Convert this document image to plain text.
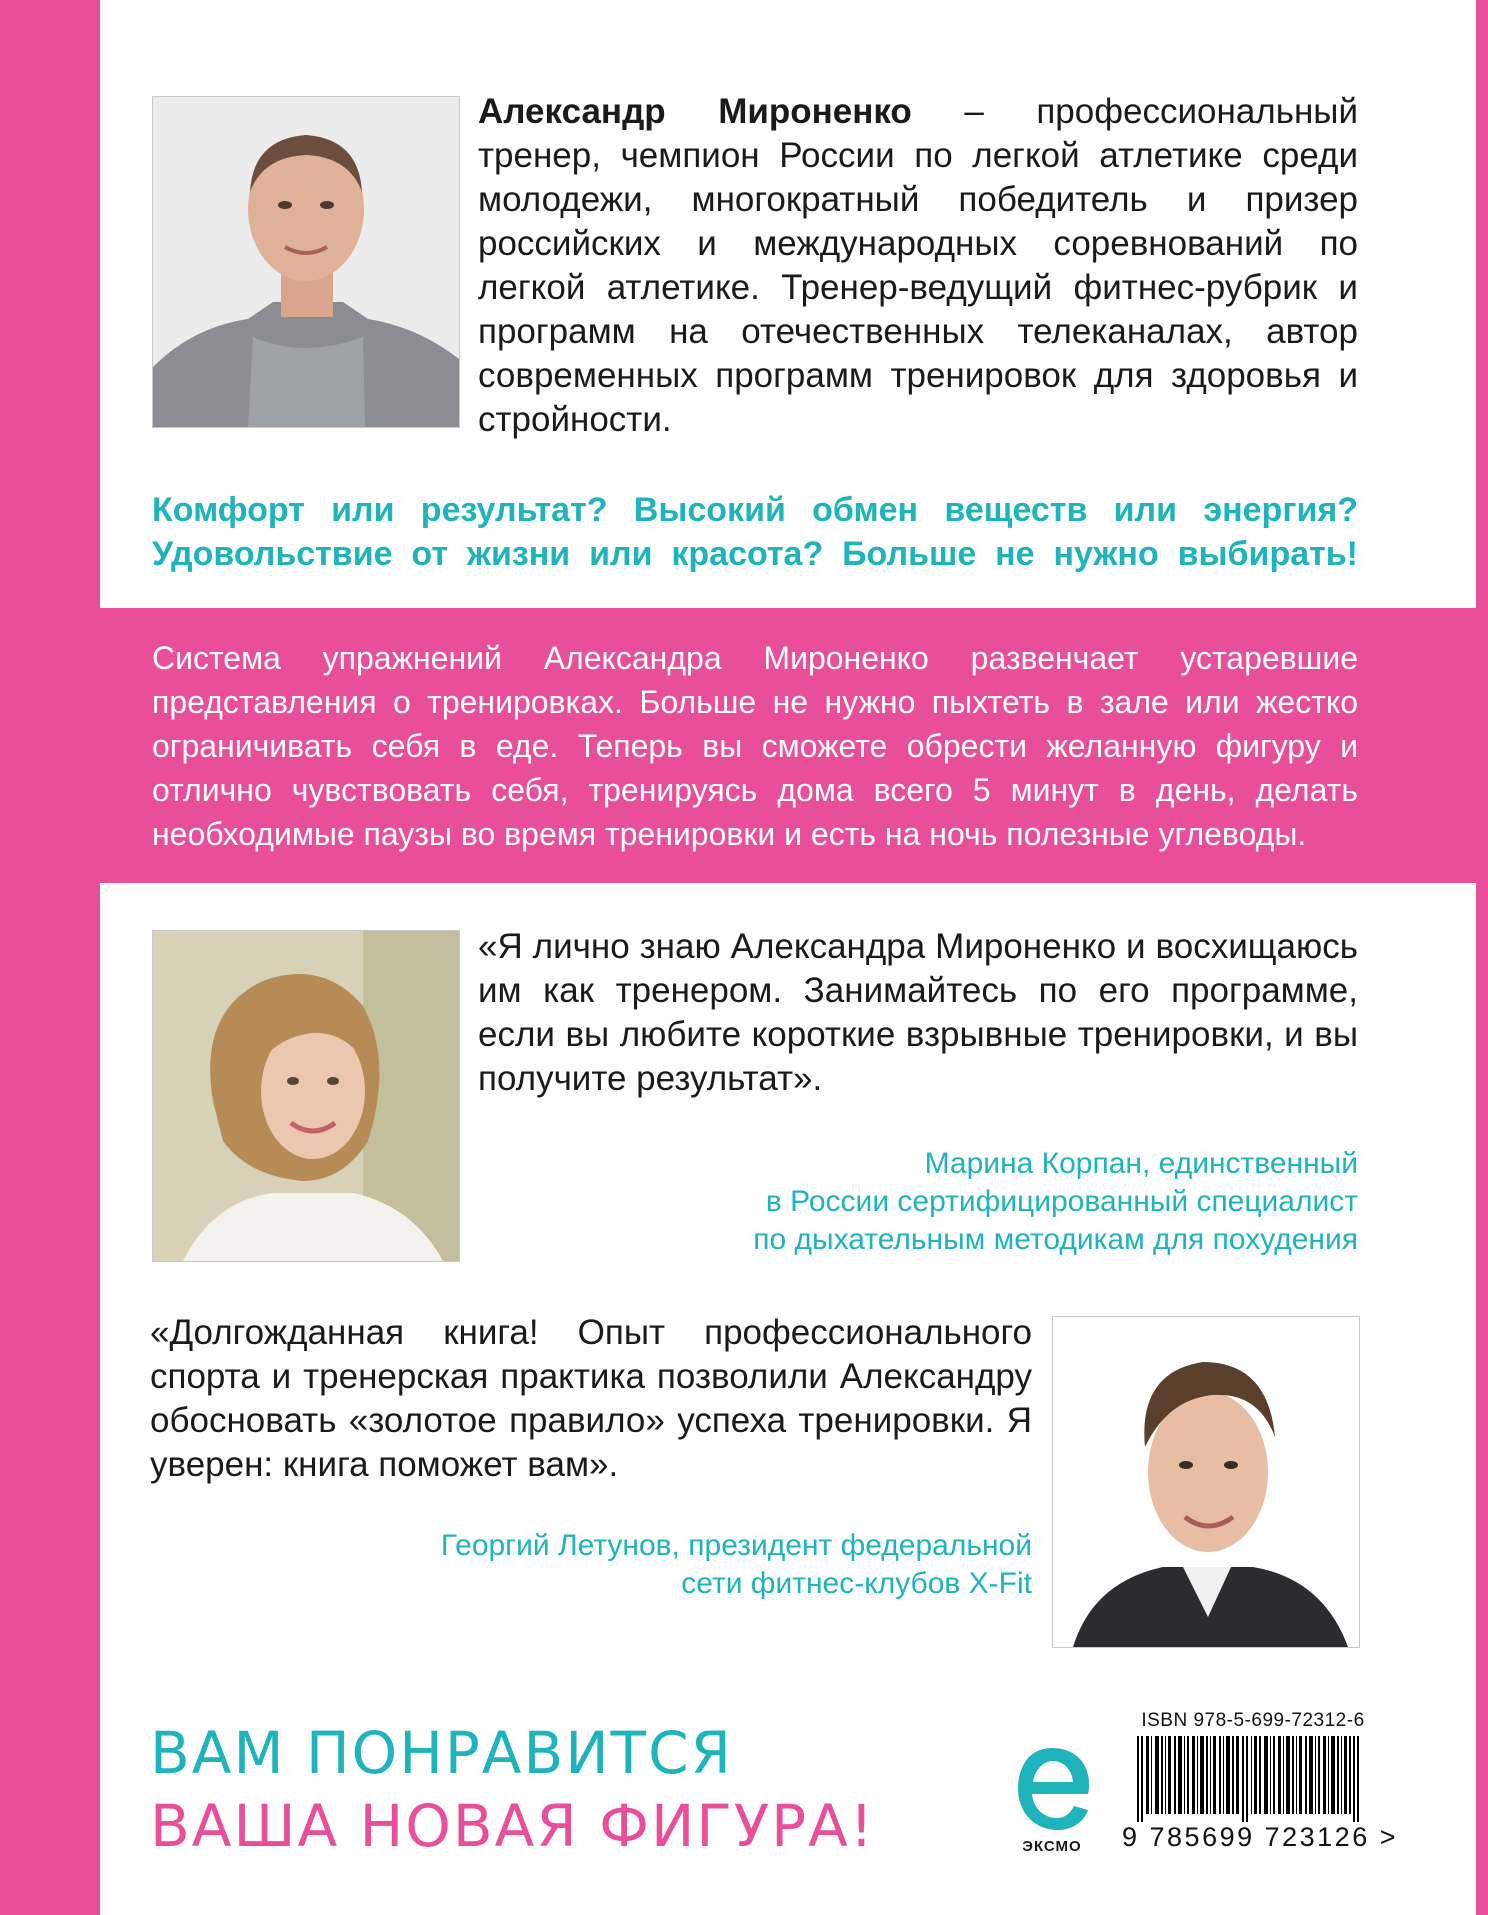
Александр Мироненко – профессиональный тренер, чемпион России по легкой атлетике среди молодежи, многократный победитель и призер российских и международных соревнований по легкой атлетике. Тренер-ведущий фитнес-рубрик и программ на отечественных телеканалах, автор современных программ тренировок для здоровья и стройности.
Комфорт или результат? Высокий обмен веществ или энергия?
Удовольствие от жизни или красота? Больше не нужно выбирать!
Система упражнений Александра Мироненко развенчает устаревшие
представления о тренировках. Больше не нужно пыхтеть в зале или жестко
ограничивать себя в еде. Теперь вы сможете обрести желанную фигуру и
отлично чувствовать себя, тренируясь дома всего 5 минут в день, делать
необходимые паузы во время тренировки и есть на ночь полезные углеводы.
«Я лично знаю Александра Мироненко и восхищаюсь им как тренером. Занимайтесь по его программе, если вы любите короткие взрывные тренировки, и вы получите результат».
Марина Корпан, единственный
в России сертифицированный специалист
по дыхательным методикам для похудения
«Долгожданная книга! Опыт профессионального спорта и тренерская практика позволили Александру обосновать «золотое правило» успеха тренировки. Я уверен: книга поможет вам».
Георгий Летунов, президент федеральной
сети фитнес-клубов X-Fit
ВАМ ПОНРАВИТСЯ
ВАША НОВАЯ ФИГУРА!	ЭКСМО
ISBN 978-5-699-72312-6
9 785699 723126 >
